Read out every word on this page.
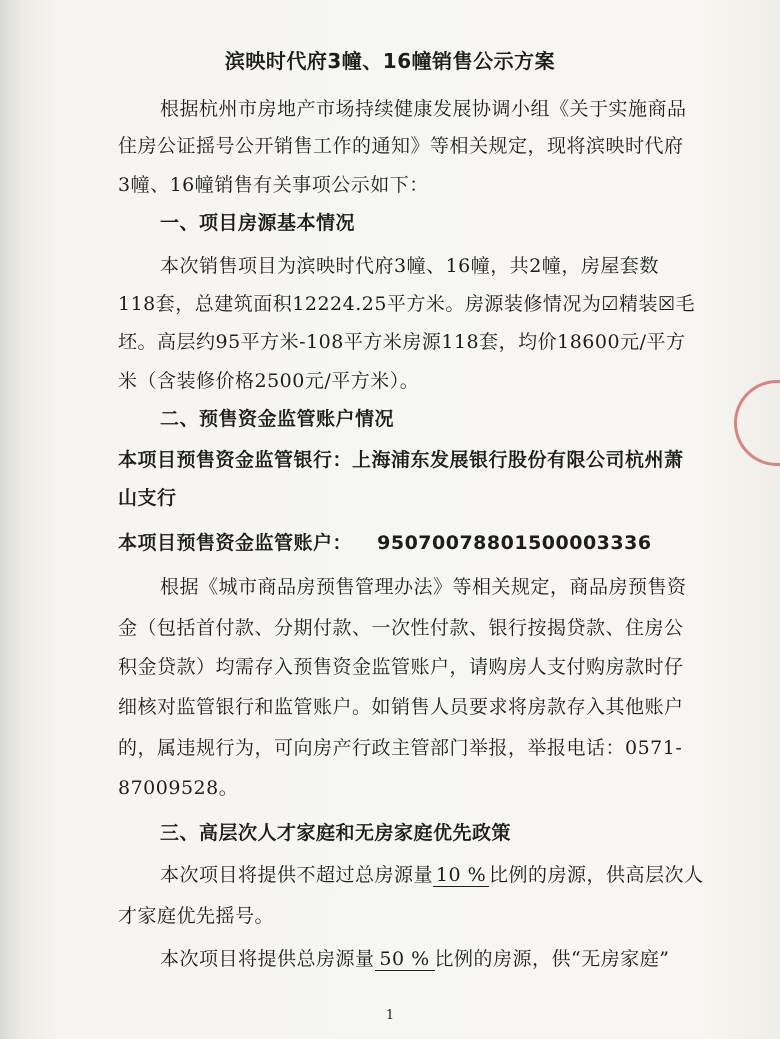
滨映时代府3幢、16幢销售公示方案
根据杭州市房地产市场持续健康发展协调小组《关于实施商品
住房公证摇号公开销售工作的通知》等相关规定，现将滨映时代府
3幢、16幢销售有关事项公示如下：
一、项目房源基本情况
本次销售项目为滨映时代府3幢、16幢，共2幢，房屋套数
118套，总建筑面积12224.25平方米。房源装修情况为☑精装☒毛
坯。高层约95平方米-108平方米房源118套，均价18600元/平方
米（含装修价格2500元/平方米）。
二、预售资金监管账户情况
本项目预售资金监管银行：上海浦东发展银行股份有限公司杭州萧
山支行
本项目预售资金监管账户： 95070078801500003336
根据《城市商品房预售管理办法》等相关规定，商品房预售资
金（包括首付款、分期付款、一次性付款、银行按揭贷款、住房公
积金贷款）均需存入预售资金监管账户，请购房人支付购房款时仔
细核对监管银行和监管账户。如销售人员要求将房款存入其他账户
的，属违规行为，可向房产行政主管部门举报，举报电话：0571-
87009528。
三、高层次人才家庭和无房家庭优先政策
本次项目将提供不超过总房源量 10 % 比例的房源，供高层次人
才家庭优先摇号。
本次项目将提供总房源量 50 % 比例的房源，供“无房家庭”
1
